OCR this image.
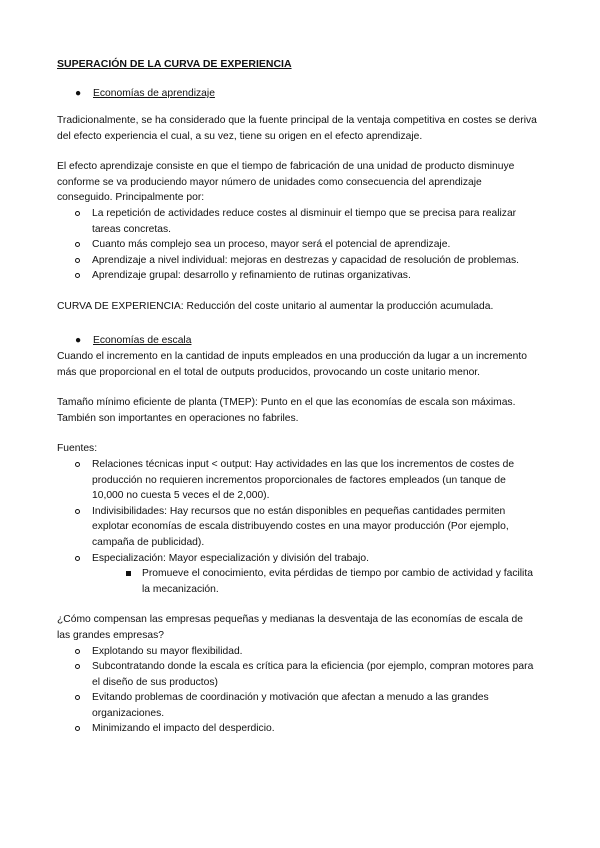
SUPERACIÓN DE LA CURVA DE EXPERIENCIA
● Economías de aprendizaje

Tradicionalmente, se ha considerado que la fuente principal de la ventaja competitiva en costes se deriva del efecto experiencia el cual, a su vez, tiene su origen en el efecto aprendizaje.

El efecto aprendizaje consiste en que el tiempo de fabricación de una unidad de producto disminuye conforme se va produciendo mayor número de unidades como consecuencia del aprendizaje conseguido. Principalmente por:

La repetición de actividades reduce costes al disminuir el tiempo que se precisa para realizar tareas concretas.
Cuanto más complejo sea un proceso, mayor será el potencial de aprendizaje.
Aprendizaje a nivel individual: mejoras en destrezas y capacidad de resolución de problemas.
Aprendizaje grupal: desarrollo y refinamiento de rutinas organizativas.

CURVA DE EXPERIENCIA: Reducción del coste unitario al aumentar la producción acumulada.

● Economías de escala

Cuando el incremento en la cantidad de inputs empleados en una producción da lugar a un incremento más que proporcional en el total de outputs producidos, provocando un coste unitario menor.

Tamaño mínimo eficiente de planta (TMEP): Punto en el que las economías de escala son máximas. También son importantes en operaciones no fabriles.

Fuentes:

Relaciones técnicas input < output: Hay actividades en las que los incrementos de costes de producción no requieren incrementos proporcionales de factores empleados (un tanque de 10,000 no cuesta 5 veces el de 2,000).
Indivisibilidades: Hay recursos que no están disponibles en pequeñas cantidades permiten explotar economías de escala distribuyendo costes en una mayor producción (Por ejemplo, campaña de publicidad).
Especialización: Mayor especialización y división del trabajo.
Promueve el conocimiento, evita pérdidas de tiempo por cambio de actividad y facilita la mecanización.

¿Cómo compensan las empresas pequeñas y medianas la desventaja de las economías de escala de las grandes empresas?

Explotando su mayor flexibilidad.
Subcontratando donde la escala es crítica para la eficiencia (por ejemplo, compran motores para el diseño de sus productos)
Evitando problemas de coordinación y motivación que afectan a menudo a las grandes organizaciones.
Minimizando el impacto del desperdicio.
